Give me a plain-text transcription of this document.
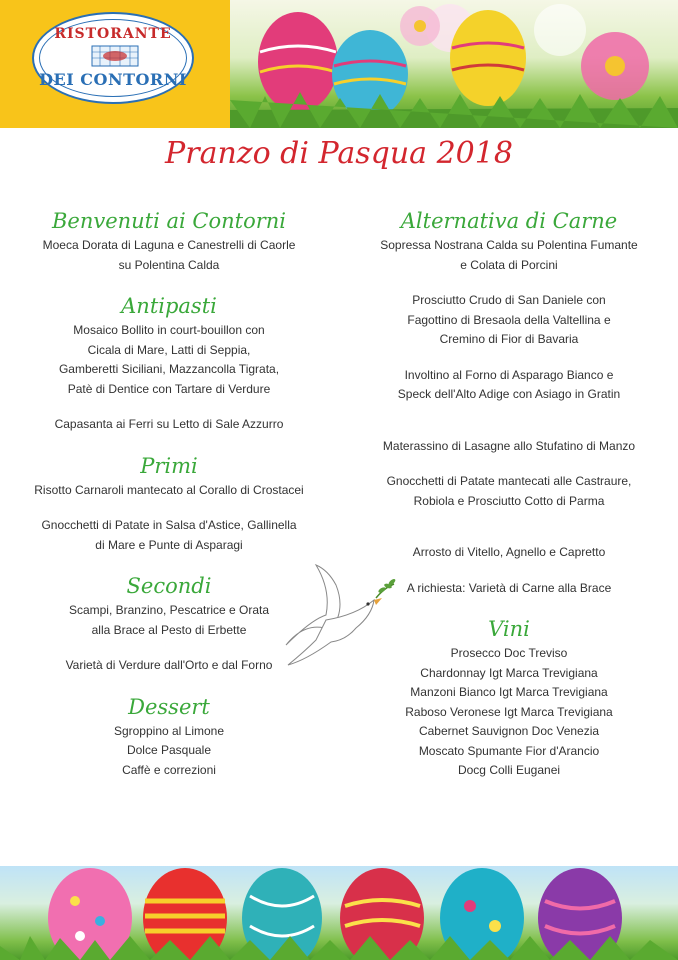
RISTORANTE
DEI CONTORNI
Pranzo di Pasqua 2018
Benvenuti ai Contorni
Moeca Dorata di Laguna e Canestrelli di Caorle
su Polentina Calda
Antipasti
Mosaico Bollito in court-bouillon con
Cicala di Mare, Latti di Seppia,
Gamberetti Siciliani, Mazzancolla Tigrata,
Patè di Dentice con Tartare di Verdure
Capasanta ai Ferri su Letto di Sale Azzurro
Primi
Risotto Carnaroli mantecato al Corallo di Crostacei
Gnocchetti di Patate in Salsa d'Astice, Gallinella
di Mare e Punte di Asparagi
Secondi
Scampi, Branzino, Pescatrice e Orata
alla Brace al Pesto di Erbette
Varietà di Verdure dall'Orto e dal Forno
Dessert
Sgroppino al Limone
Dolce Pasquale
Caffè e correzioni
Alternativa di Carne
Sopressa Nostrana Calda su Polentina Fumante
e Colata di Porcini
Prosciutto Crudo di San Daniele con
Fagottino di Bresaola della Valtellina e
Cremino di Fior di Bavaria
Involtino al Forno di Asparago Bianco e
Speck dell'Alto Adige con Asiago in Gratin
Materassino di Lasagne allo Stufatino di Manzo
Gnocchetti di Patate mantecati alle Castraure,
Robiola e Prosciutto Cotto di Parma
Arrosto di Vitello, Agnello e Capretto
A richiesta: Varietà di Carne alla Brace
Vini
Prosecco Doc Treviso
Chardonnay Igt Marca Trevigiana
Manzoni Bianco Igt Marca Trevigiana
Raboso Veronese Igt Marca Trevigiana
Cabernet Sauvignon Doc Venezia
Moscato Spumante Fior d'Arancio
Docg Colli Euganei
